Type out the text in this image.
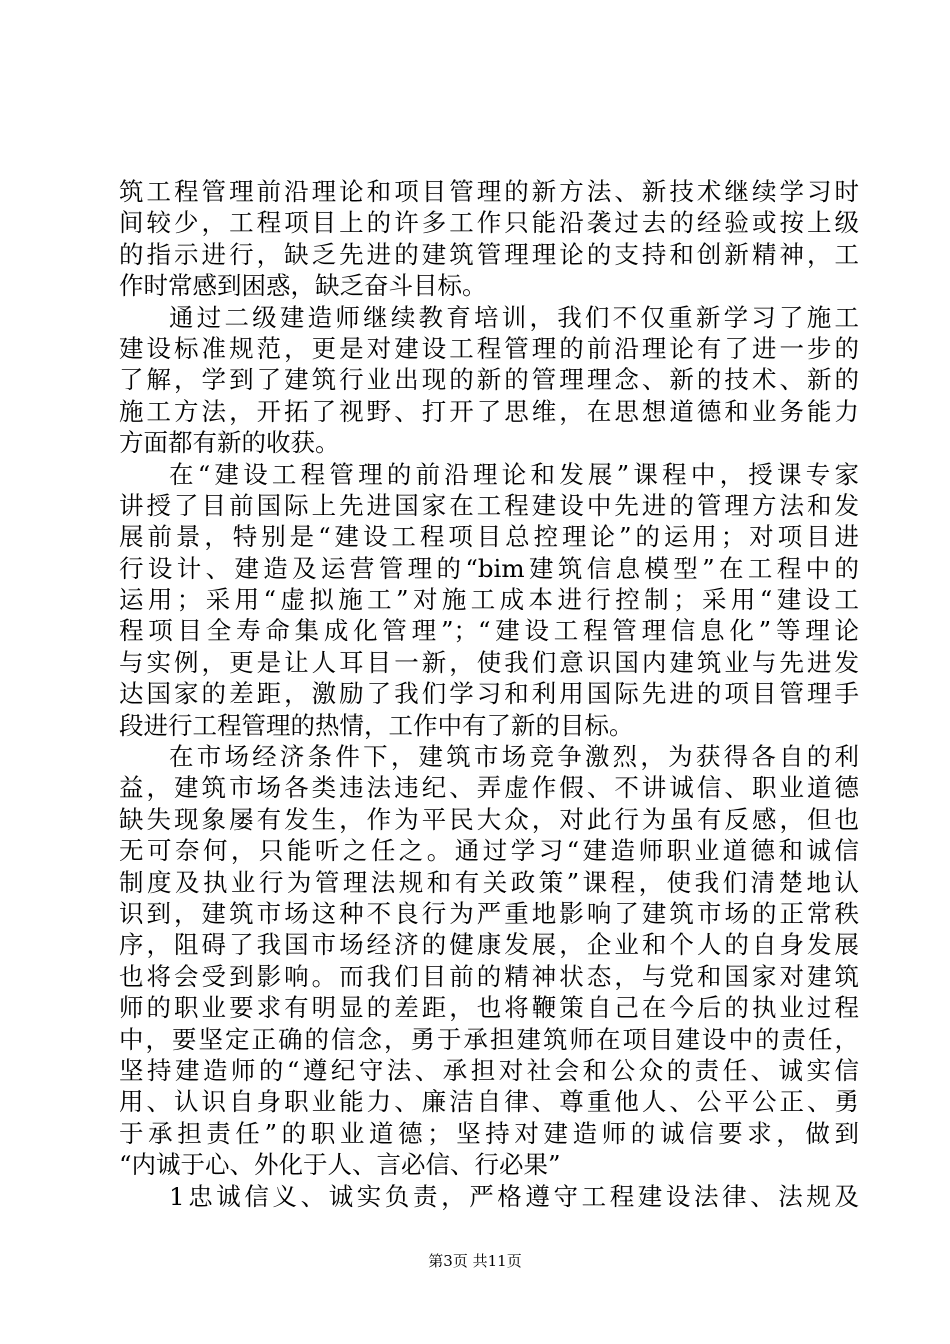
筑工程管理前沿理论和项目管理的新方法、新技术继续学习时
间较少，工程项目上的许多工作只能沿袭过去的经验或按上级
的指示进行，缺乏先进的建筑管理理论的支持和创新精神，工
作时常感到困惑，缺乏奋斗目标。
通过二级建造师继续教育培训，我们不仅重新学习了施工
建设标准规范，更是对建设工程管理的前沿理论有了进一步的
了解，学到了建筑行业出现的新的管理理念、新的技术、新的
施工方法，开拓了视野、打开了思维，在思想道德和业务能力
方面都有新的收获。
在“建设工程管理的前沿理论和发展”课程中，授课专家
讲授了目前国际上先进国家在工程建设中先进的管理方法和发
展前景，特别是“建设工程项目总控理论”的运用；对项目进
行设计、建造及运营管理的“bim建筑信息模型”在工程中的
运用；采用“虚拟施工”对施工成本进行控制；采用“建设工
程项目全寿命集成化管理”；“建设工程管理信息化”等理论
与实例，更是让人耳目一新，使我们意识国内建筑业与先进发
达国家的差距，激励了我们学习和利用国际先进的项目管理手
段进行工程管理的热情，工作中有了新的目标。
在市场经济条件下，建筑市场竞争激烈，为获得各自的利
益，建筑市场各类违法违纪、弄虚作假、不讲诚信、职业道德
缺失现象屡有发生，作为平民大众，对此行为虽有反感，但也
无可奈何，只能听之任之。通过学习“建造师职业道德和诚信
制度及执业行为管理法规和有关政策”课程，使我们清楚地认
识到，建筑市场这种不良行为严重地影响了建筑市场的正常秩
序，阻碍了我国市场经济的健康发展，企业和个人的自身发展
也将会受到影响。而我们目前的精神状态，与党和国家对建筑
师的职业要求有明显的差距，也将鞭策自己在今后的执业过程
中，要坚定正确的信念，勇于承担建筑师在项目建设中的责任，
坚持建造师的“遵纪守法、承担对社会和公众的责任、诚实信
用、认识自身职业能力、廉洁自律、尊重他人、公平公正、勇
于承担责任”的职业道德；坚持对建造师的诚信要求，做到
“内诚于心、外化于人、言必信、行必果”
1忠诚信义、诚实负责，严格遵守工程建设法律、法规及
第3页 共11页
